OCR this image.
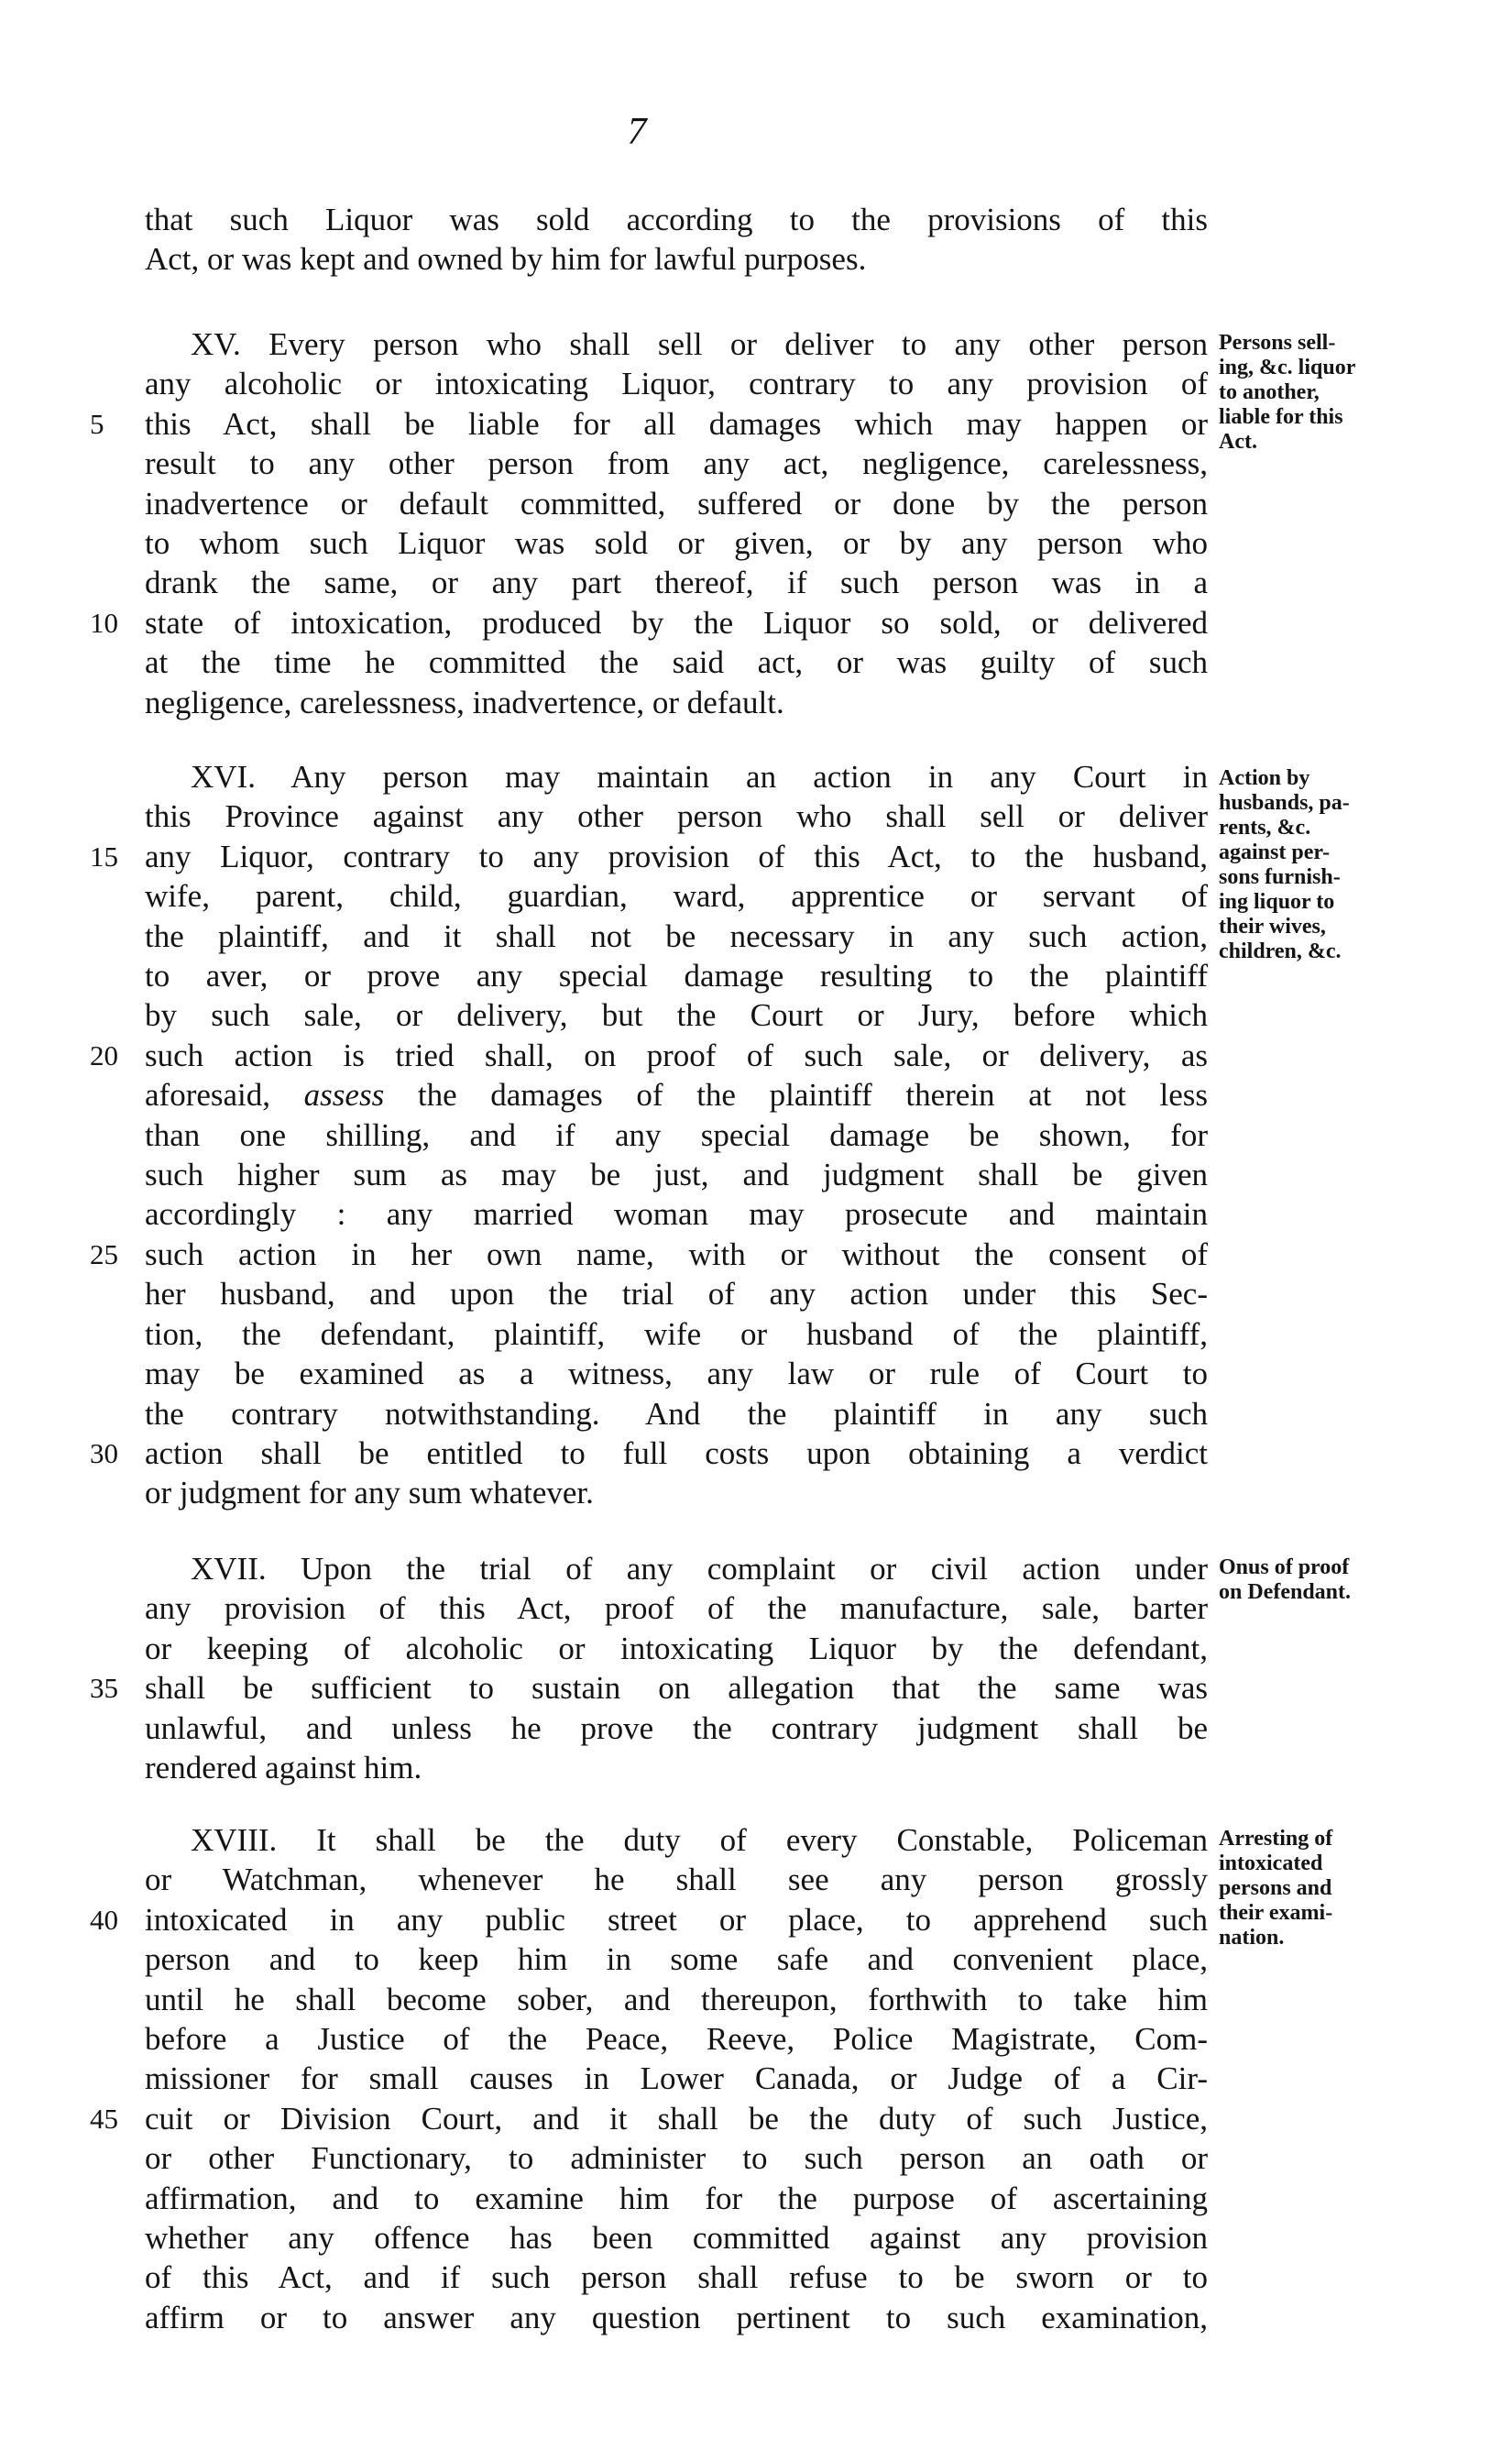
7
that such Liquor was sold according to the provisions of this
Act, or was kept and owned by him for lawful purposes.
XV. Every person who shall sell or deliver to any other person
any alcoholic or intoxicating Liquor, contrary to any provision of
5	this Act, shall be liable for all damages which may happen or
result to any other person from any act, negligence, carelessness,
inadvertence or default committed, suffered or done by the person
to whom such Liquor was sold or given, or by any person who
drank the same, or any part thereof, if such person was in a
10 state of intoxication, produced by the Liquor so sold, or delivered
at the time he committed the said act, or was guilty of such
negligence, carelessness, inadvertence, or default.
Persons sell-
ing, &c. liquor
to another,
liable for this
Act.
XVI. Any person may maintain an action in any Court in
this Province against any other person who shall sell or deliver
15 any Liquor, contrary to any provision of this Act, to the husband,
wife, parent, child, guardian, ward, apprentice or servant of
the plaintiff, and it shall not be necessary in any such action,
to aver, or prove any special damage resulting to the plaintiff
by such sale, or delivery, but the Court or Jury, before which
20 such action is tried shall, on proof of such sale, or delivery, as
aforesaid, assess the damages of the plaintiff therein at not less
than one shilling, and if any special damage be shown, for
such higher sum as may be just, and judgment shall be given
accordingly : any married woman may prosecute and maintain
25 such action in her own name, with or without the consent of
her husband, and upon the trial of any action under this Sec-
tion, the defendant, plaintiff, wife or husband of the plaintiff,
may be examined as a witness, any law or rule of Court to
the contrary notwithstanding. And the plaintiff in any such
30 action shall be entitled to full costs upon obtaining a verdict
or judgment for any sum whatever.
Action by
husbands, pa-
rents, &c.
against per-
sons furnish-
ing liquor to
their wives,
children, &c.
XVII. Upon the trial of any complaint or civil action under
any provision of this Act, proof of the manufacture, sale, barter
or keeping of alcoholic or intoxicating Liquor by the defendant,
35 shall be sufficient to sustain on allegation that the same was
unlawful, and unless he prove the contrary judgment shall be
rendered against him.
Onus of proof
on Defendant.
XVIII. It shall be the duty of every Constable, Policeman
or Watchman, whenever he shall see any person grossly
40 intoxicated in any public street or place, to apprehend such
person and to keep him in some safe and convenient place,
until he shall become sober, and thereupon, forthwith to take him
before a Justice of the Peace, Reeve, Police Magistrate, Com-
missioner for small causes in Lower Canada, or Judge of a Cir-
45 cuit or Division Court, and it shall be the duty of such Justice,
or other Functionary, to administer to such person an oath or
affirmation, and to examine him for the purpose of ascertaining
whether any offence has been committed against any provision
of this Act, and if such person shall refuse to be sworn or to
affirm or to answer any question pertinent to such examination,
Arresting of
intoxicated
persons and
their exami-
nation.
